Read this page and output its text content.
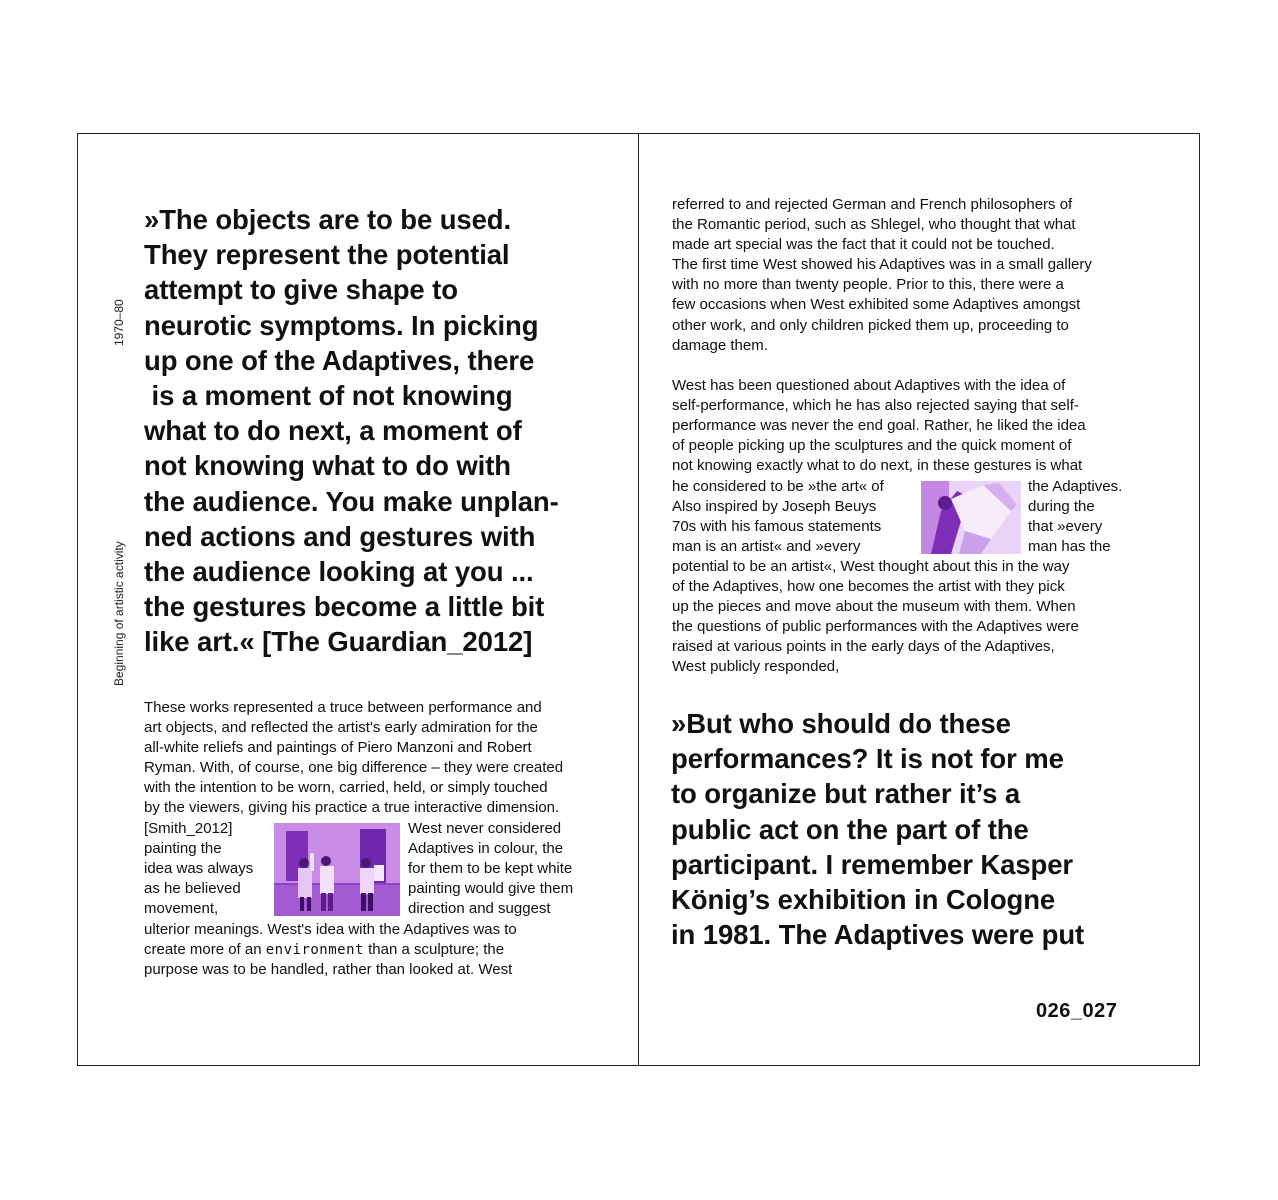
1970–80
Beginning of artistic activity
»The objects are to be used.
They represent the potential
attempt to give shape to
neurotic symptoms. In picking
up one of the Adaptives, there
is a moment of not knowing
what to do next, a moment of
not knowing what to do with
the audience. You make unplan-
ned actions and gestures with
the audience looking at you ...
the gestures become a little bit
like art.« [The Guardian_2012]
These works represented a truce between performance and
art objects, and reflected the artist's early admiration for the
all-white reliefs and paintings of Piero Manzoni and Robert
Ryman. With, of course, one big difference – they were created
with the intention to be worn, carried, held, or simply touched
by the viewers, giving his practice a true interactive dimension.
[Smith_2012]
painting the
idea was always
as he believed
movement,
West never considered
Adaptives in colour, the
for them to be kept white
painting would give them
direction and suggest
ulterior meanings. West's idea with the Adaptives was to
create more of an environment than a sculpture; the
purpose was to be handled, rather than looked at. West
referred to and rejected German and French philosophers of
the Romantic period, such as Shlegel, who thought that what
made art special was the fact that it could not be touched.
The first time West showed his Adaptives was in a small gallery
with no more than twenty people. Prior to this, there were a
few occasions when West exhibited some Adaptives amongst
other work, and only children picked them up, proceeding to
damage them.
West has been questioned about Adaptives with the idea of
self-performance, which he has also rejected saying that self-
performance was never the end goal. Rather, he liked the idea
of people picking up the sculptures and the quick moment of
not knowing exactly what to do next, in these gestures is what
he considered to be »the art« of
Also inspired by Joseph Beuys
70s with his famous statements
man is an artist« and »every
the Adaptives.
during the
that »every
man has the
potential to be an artist«, West thought about this in the way
of the Adaptives, how one becomes the artist with they pick
up the pieces and move about the museum with them. When
the questions of public performances with the Adaptives were
raised at various points in the early days of the Adaptives,
West publicly responded,
»But who should do these
performances? It is not for me
to organize but rather it’s a
public act on the part of the
participant. I remember Kasper
König’s exhibition in Cologne
in 1981. The Adaptives were put
026_027
